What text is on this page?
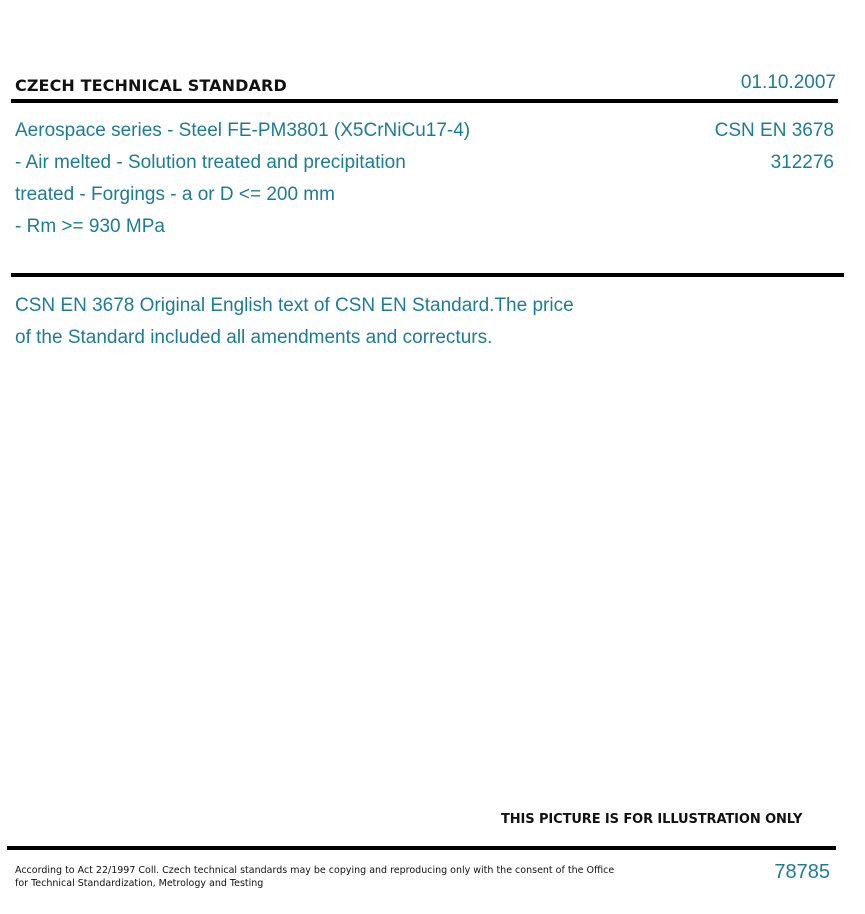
CZECH TECHNICAL STANDARD	01.10.2007
Aerospace series - Steel FE-PM3801 (X5CrNiCu17-4)
- Air melted - Solution treated and precipitation
treated - Forgings - a or D <= 200 mm
- Rm >= 930 MPa
CSN EN 3678
312276
CSN EN 3678 Original English text of CSN EN Standard.The price
of the Standard included all amendments and correcturs.
THIS PICTURE IS FOR ILLUSTRATION ONLY
According to Act 22/1997 Coll. Czech technical standards may be copying and reproducing only with the consent of the Office
for Technical Standardization, Metrology and Testing
78785
